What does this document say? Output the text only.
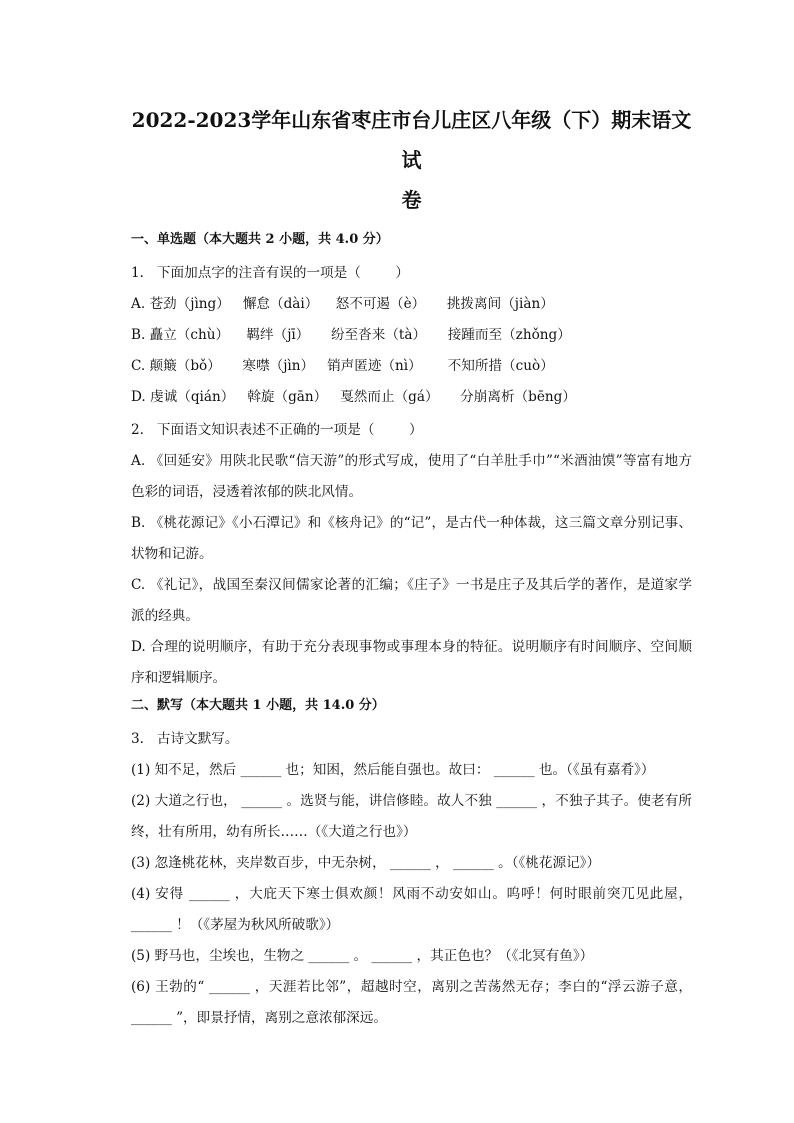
2022-2023学年山东省枣庄市台儿庄区八年级（下）期末语文试
卷
一、单选题（本大题共 2 小题，共 4.0 分）
1.   下面加点字的注音有误的一项是（        ）
A. 苍劲（jìng）   懈怠（dài）    怒不可遏（è）     挑拨离间（jiàn）
B. 矗立（chù）    羁绊（jī）     纷至沓来（tà）     接踵而至（zhǒng）
C. 颠簸（bǒ）     寒噤（jìn）   销声匿迹（nì）      不知所措（cuò）
D. 虔诚（qián）   斡旋（gān）   戛然而止（gá）     分崩离析（bēng）
2.   下面语文知识表述不正确的一项是（        ）
A. 《回延安》用陕北民歌“信天游”的形式写成，使用了“白羊肚手巾”“米酒油馍”等富有地方色彩的词语，浸透着浓郁的陕北风情。
B. 《桃花源记》《小石潭记》和《核舟记》的“记”，是古代一种体裁，这三篇文章分别记事、状物和记游。
C. 《礼记》，战国至秦汉间儒家论著的汇编；《庄子》一书是庄子及其后学的著作，是道家学派的经典。
D. 合理的说明顺序，有助于充分表现事物或事理本身的特征。说明顺序有时间顺序、空间顺序和逻辑顺序。
二、默写（本大题共 1 小题，共 14.0 分）
3.   古诗文默写。
(1) 知不足，然后 ______ 也；知困，然后能自强也。故曰： ______ 也。（《虽有嘉肴》）
(2) 大道之行也， ______ 。选贤与能，讲信修睦。故人不独 ______ ，不独子其子。使老有所终，壮有所用，幼有所长……（《大道之行也》）
(3) 忽逢桃花林，夹岸数百步，中无杂树， ______ ， ______ 。（《桃花源记》）
(4) 安得 ______ ，大庇天下寒士俱欢颜！风雨不动安如山。呜呼！何时眼前突兀见此屋，______ ！（《茅屋为秋风所破歌》）
(5) 野马也，尘埃也，生物之 ______ 。 ______ ，其正色也？（《北冥有鱼》）
(6) 王勃的“ ______ ，天涯若比邻”，超越时空，离别之苦荡然无存；李白的“浮云游子意，______ ”，即景抒情，离别之意浓郁深远。
